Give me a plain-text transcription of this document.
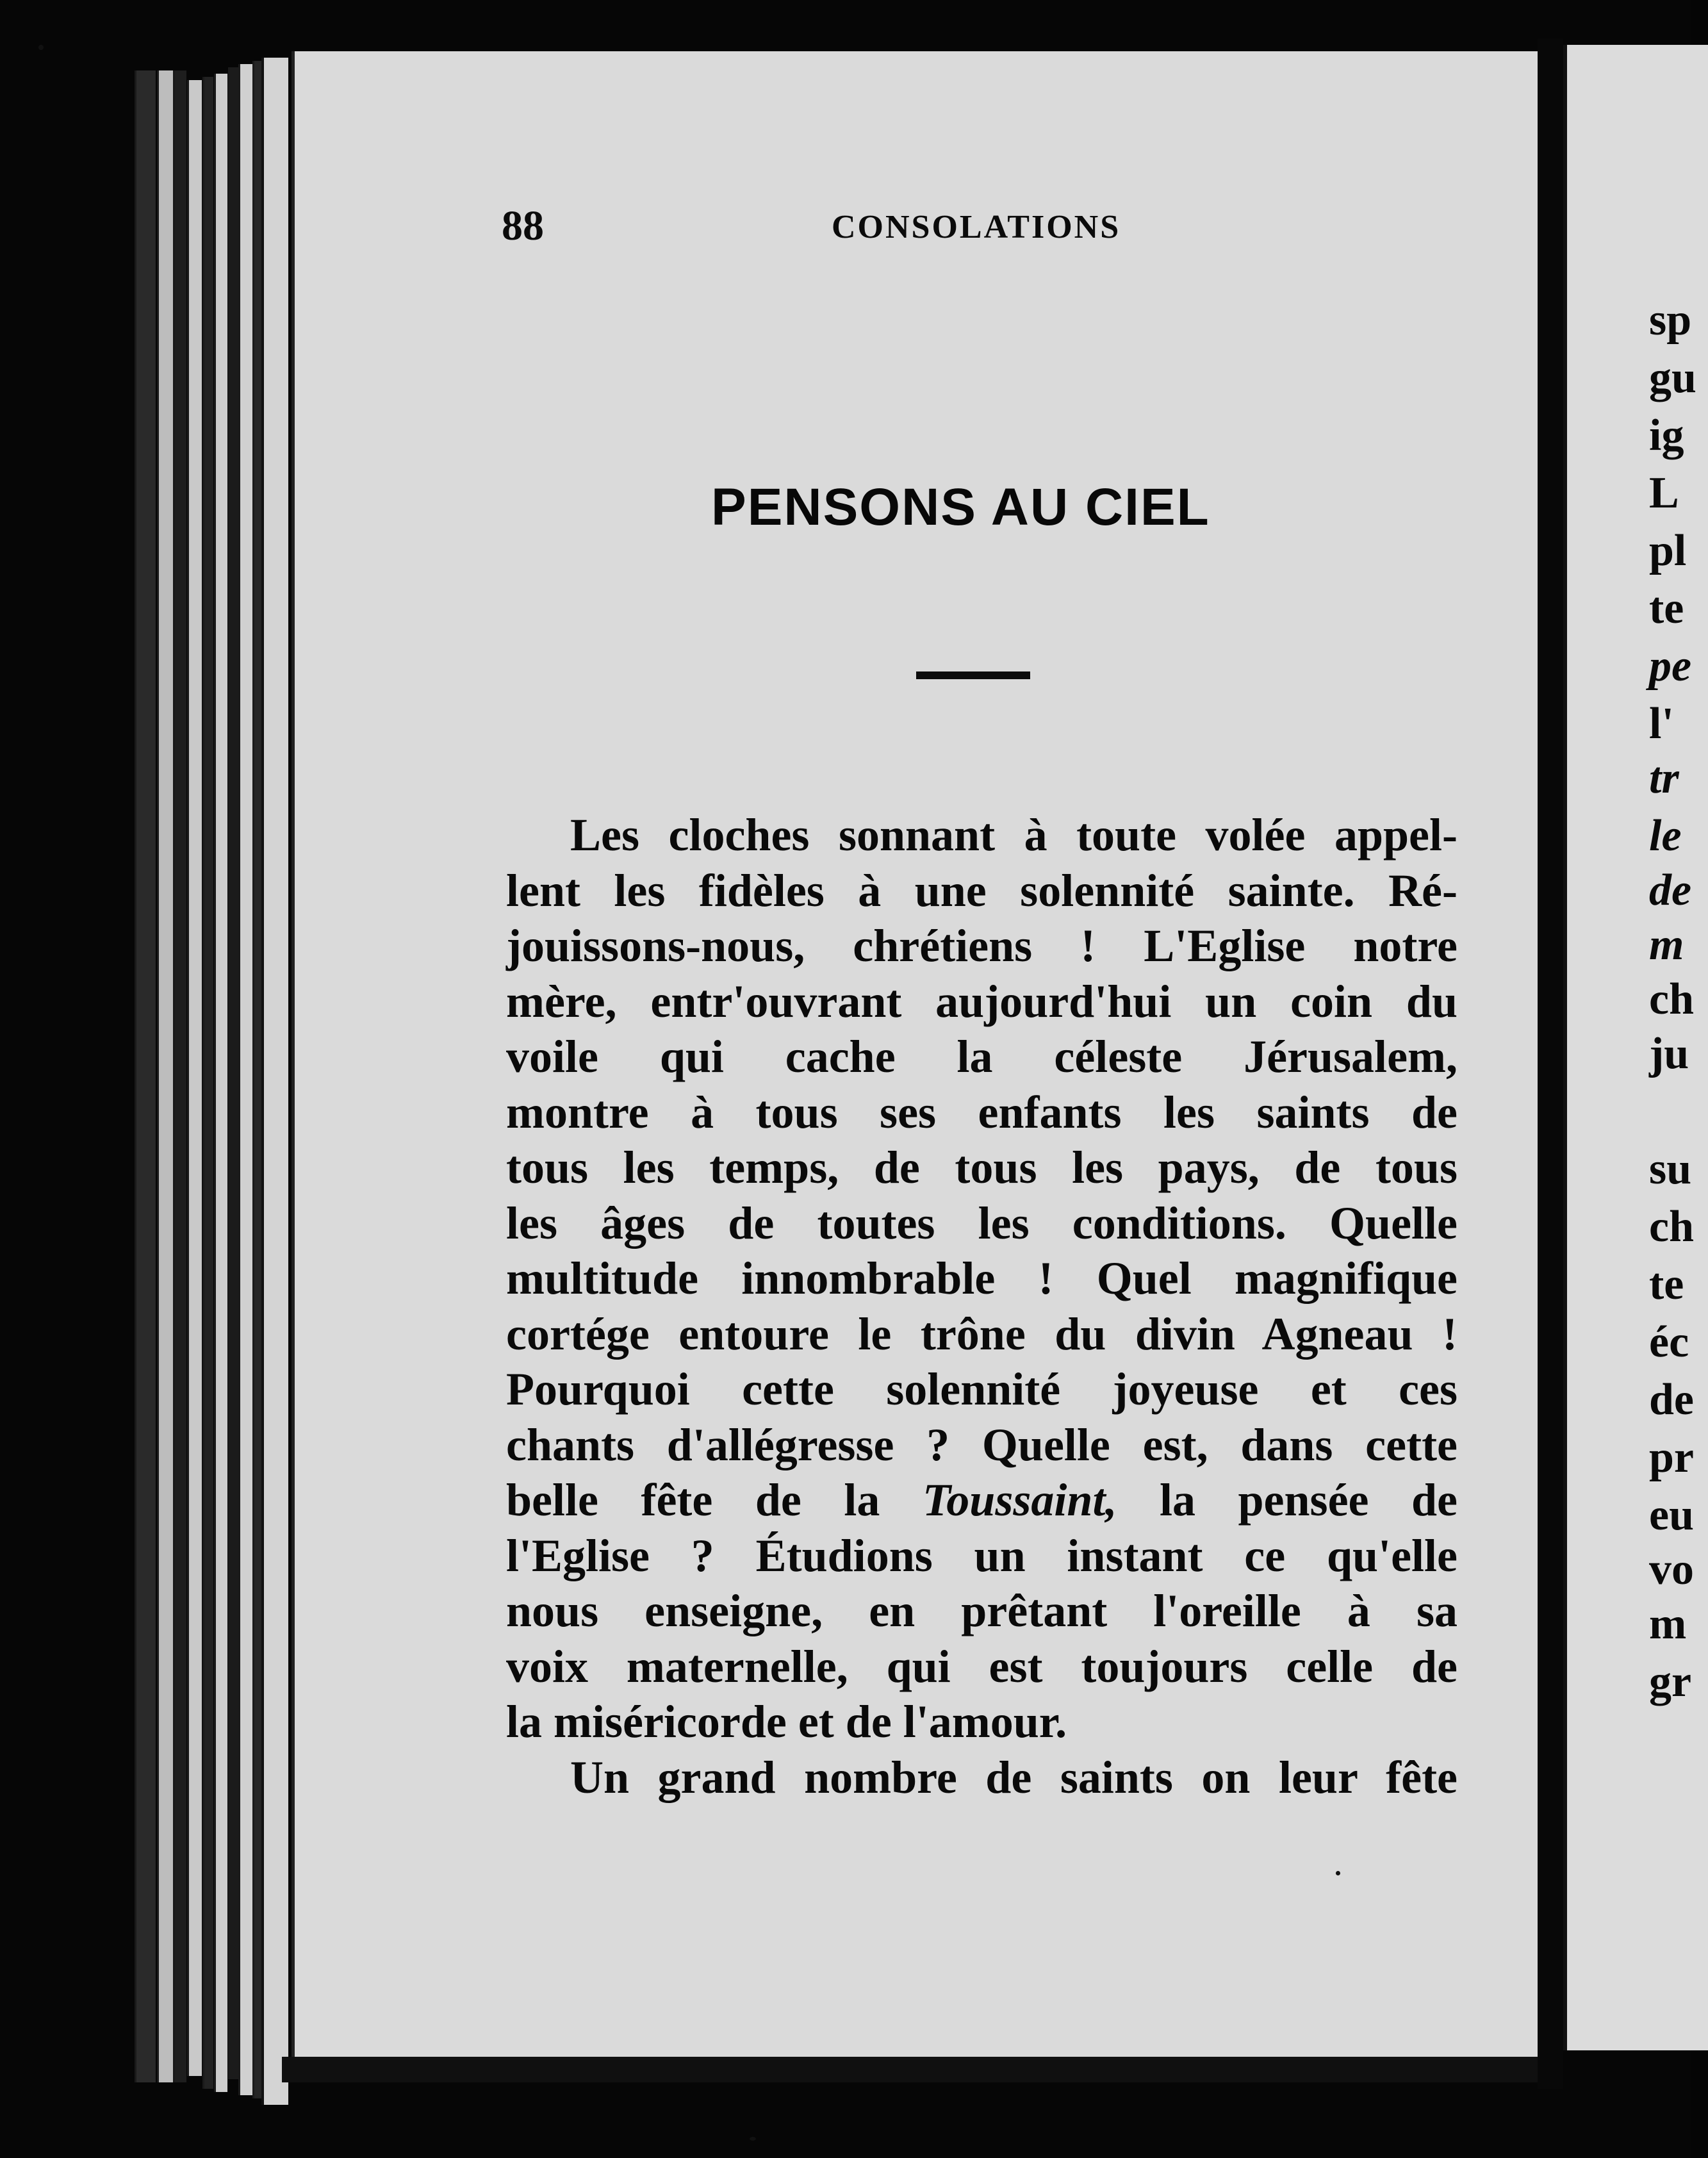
sp
gu
ig
L
pl
te
pe
l'
tr
le
de
m
ch
ju
su
ch
te
éc
de
pr
eu
vo
m
gr
88	CONSOLATIONS
PENSONS AU CIEL
Les cloches sonnant à toute volée appel-
lent les fidèles à une solennité sainte. Ré-
jouissons-nous, chrétiens ! L'Eglise notre
mère, entr'ouvrant aujourd'hui un coin du
voile qui cache la céleste Jérusalem,
montre à tous ses enfants les saints de
tous les temps, de tous les pays, de tous
les âges de toutes les conditions. Quelle
multitude innombrable ! Quel magnifique
cortége entoure le trône du divin Agneau !
Pourquoi cette solennité joyeuse et ces
chants d'allégresse ? Quelle est, dans cette
belle fête de la Toussaint, la pensée de
l'Eglise ? Étudions un instant ce qu'elle
nous enseigne, en prêtant l'oreille à sa
voix maternelle, qui est toujours celle de
la miséricorde et de l'amour.
Un grand nombre de saints on leur fête
